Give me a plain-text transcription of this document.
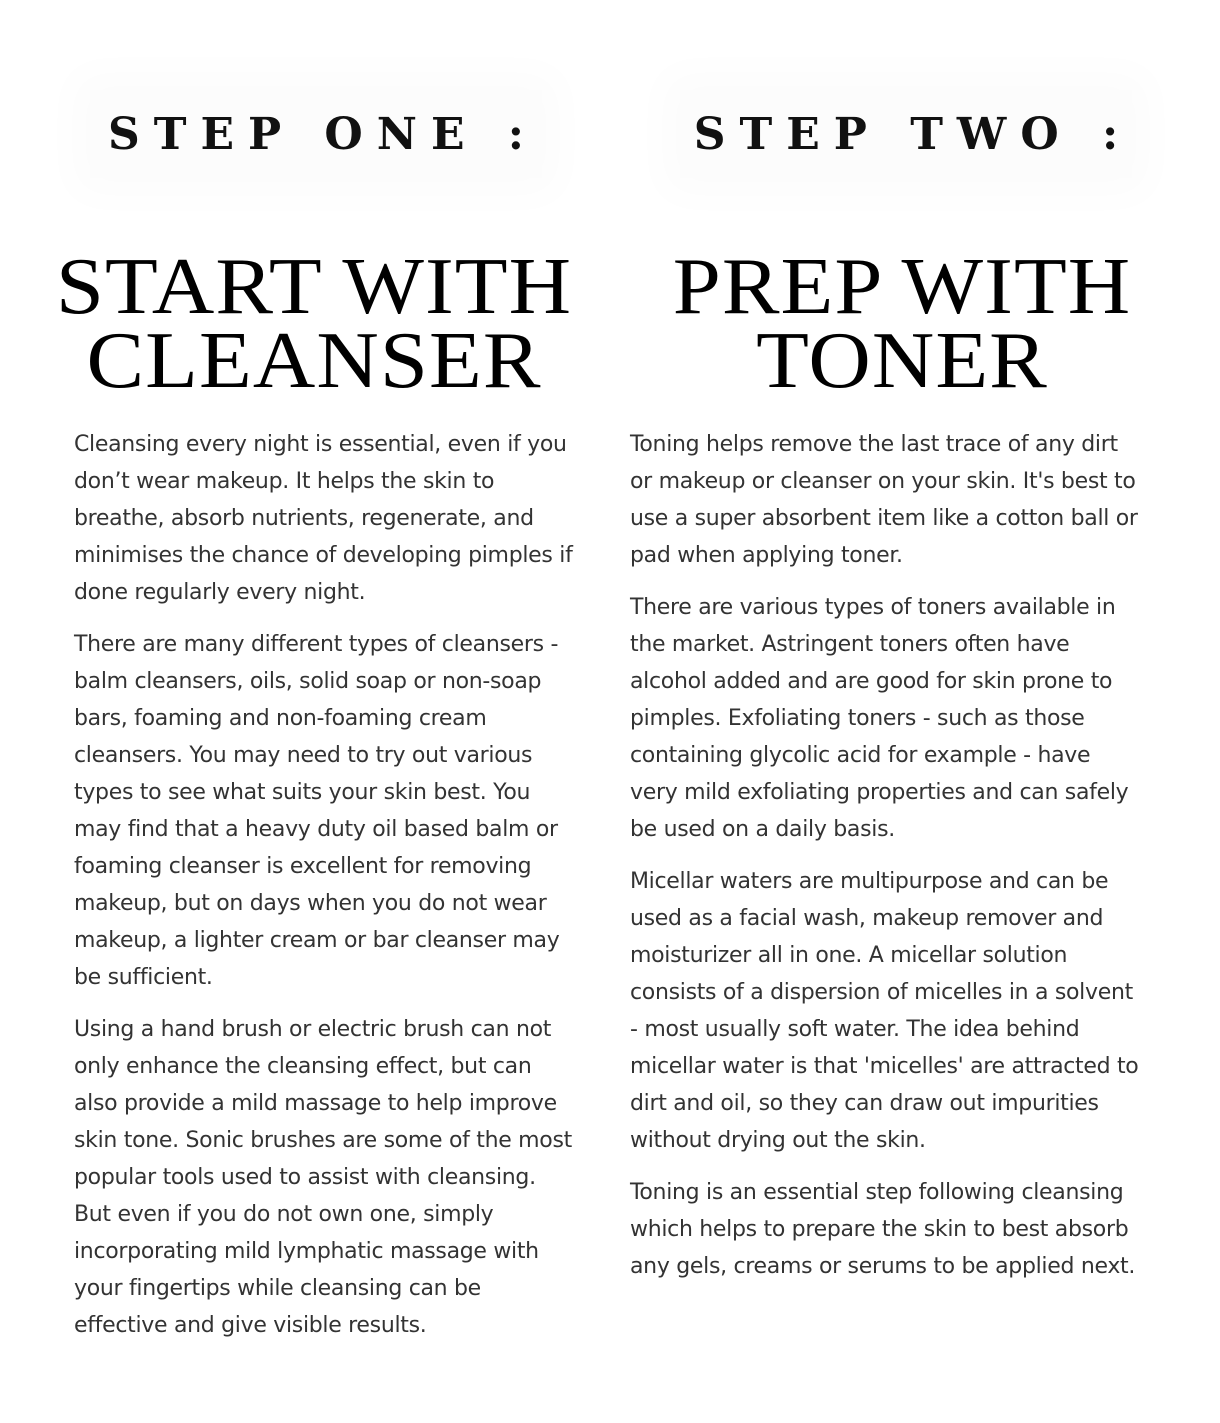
STEP ONE :
START WITH
CLEANSER

Cleansing every night is essential, even if you don’t wear makeup. It helps the skin to breathe, absorb nutrients, regenerate, and minimises the chance of developing pimples if done regularly every night.

There are many different types of cleansers - balm cleansers, oils, solid soap or non-soap bars, foaming and non-foaming cream cleansers. You may need to try out various types to see what suits your skin best. You may find that a heavy duty oil based balm or foaming cleanser is excellent for removing makeup, but on days when you do not wear makeup, a lighter cream or bar cleanser may be sufficient.

Using a hand brush or electric brush can not only enhance the cleansing effect, but can also provide a mild massage to help improve skin tone. Sonic brushes are some of the most popular tools used to assist with cleansing. But even if you do not own one, simply incorporating mild lymphatic massage with your fingertips while cleansing can be effective and give visible results.

STEP TWO :
PREP WITH
TONER

Toning helps remove the last trace of any dirt or makeup or cleanser on your skin. It's best to use a super absorbent item like a cotton ball or pad when applying toner.

There are various types of toners available in the market. Astringent toners often have alcohol added and are good for skin prone to pimples. Exfoliating toners - such as those containing glycolic acid for example - have very mild exfoliating properties and can safely be used on a daily basis.

Micellar waters are multipurpose and can be used as a facial wash, makeup remover and moisturizer all in one. A micellar solution consists of a dispersion of micelles in a solvent - most usually soft water. The idea behind micellar water is that 'micelles' are attracted to dirt and oil, so they can draw out impurities without drying out the skin.

Toning is an essential step following cleansing which helps to prepare the skin to best absorb any gels, creams or serums to be applied next.
